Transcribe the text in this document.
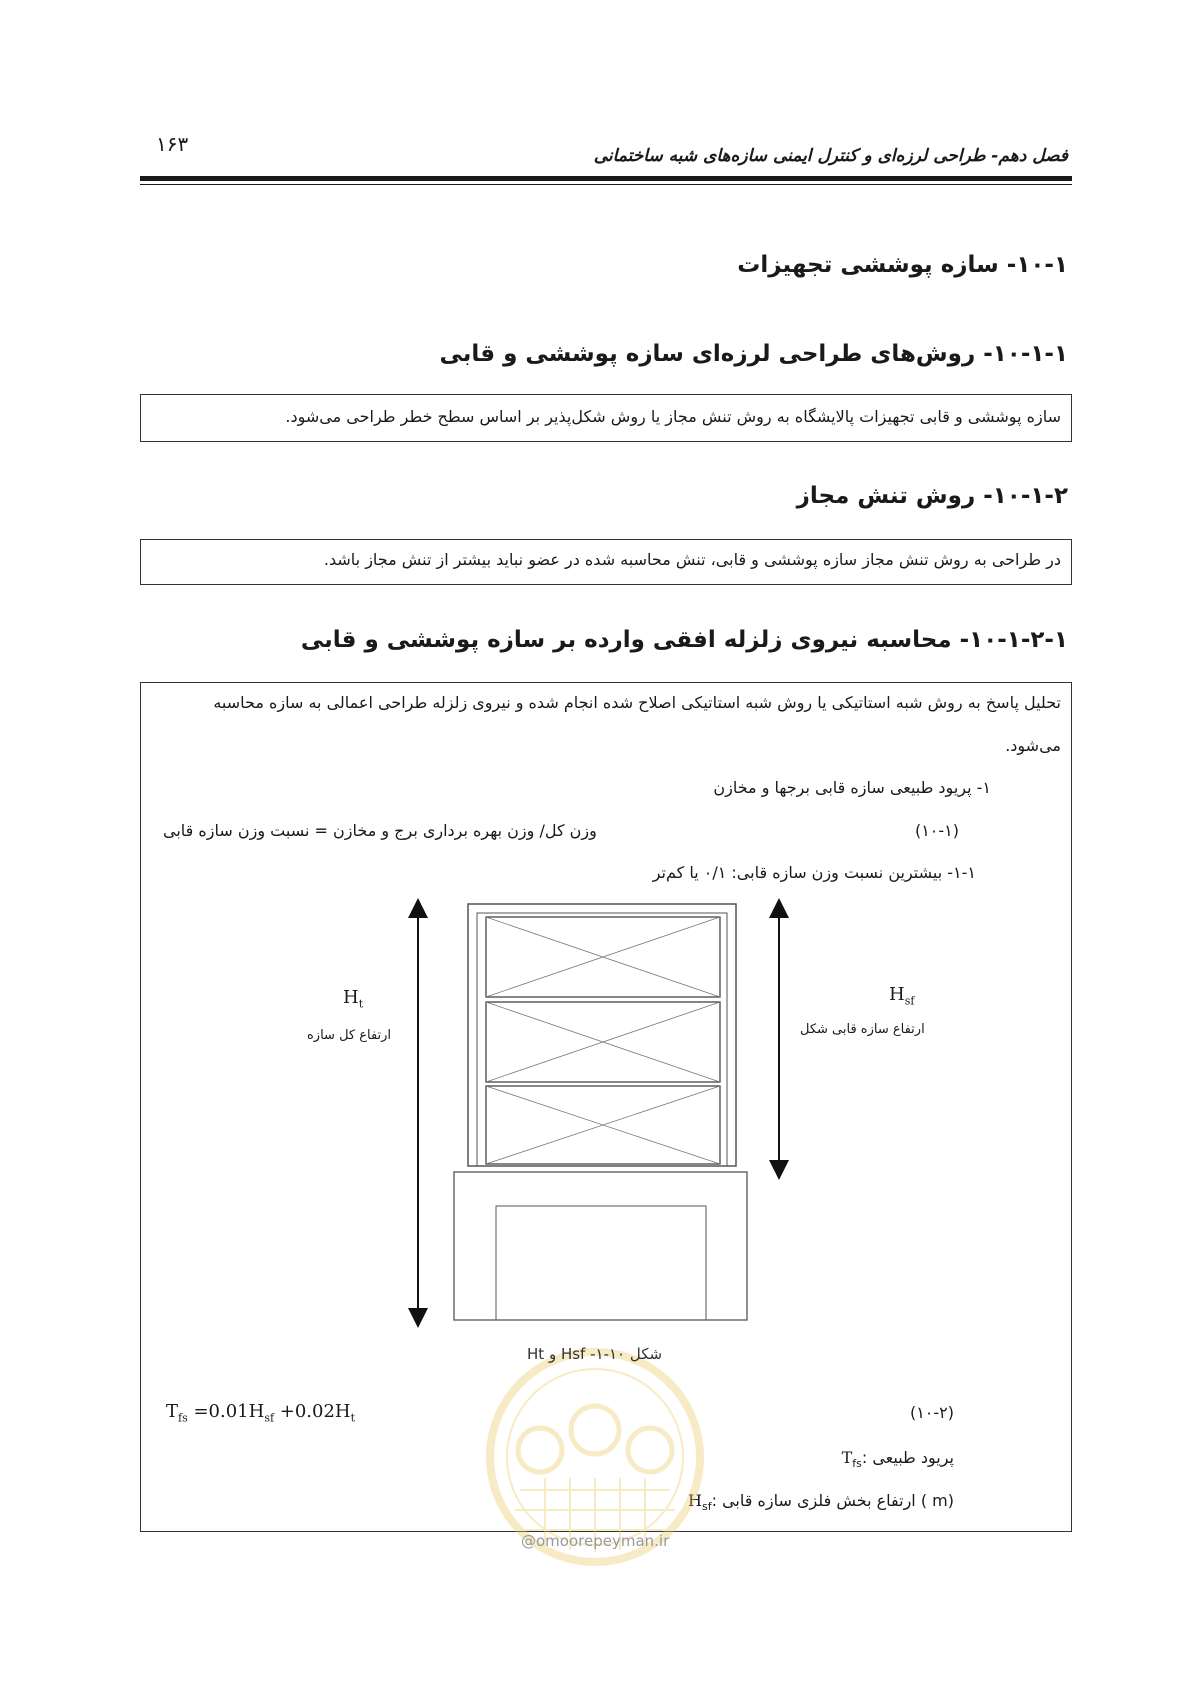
۱۶۳	فصل دهم- طراحی لرزه‌ای و کنترل ایمنی سازه‌های شبه ساختمانی
۱۰-۱- سازه پوششی تجهیزات
۱۰-۱-۱- روش‌های طراحی لرزه‌ای سازه پوششی و قابی
۱۰-۱-۲- روش تنش مجاز
۱۰-۱-۲-۱- محاسبه نیروی زلزله افقی وارده بر سازه پوششی و قابی
سازه پوششی و قابی تجهیزات پالایشگاه به روش تنش مجاز یا روش شکل‌پذیر بر اساس سطح خطر طراحی می‌شود.
در طراحی به روش تنش مجاز سازه پوششی و قابی، تنش محاسبه شده در عضو نباید بیشتر از تنش مجاز باشد.
تحلیل پاسخ به روش شبه استاتیکی یا روش شبه استاتیکی اصلاح شده انجام شده و نیروی زلزله طراحی اعمالی به سازه محاسبه
می‌شود.
۱- پریود طبیعی سازه قابی برجها و مخازن
(۱۰-۱)
وزن کل/ وزن بهره برداری برج و مخازن = نسبت وزن سازه قابی
۱-۱- بیشترین نسبت وزن سازه قابی: ۰/۱ یا کم‌تر
$T_{fs} =0.01H_{sf} +0.02H_t$	(۱۰-۲)
$T_{fs}$: پریود طبیعی
$H_{sf}$: ارتفاع بخش فلزی سازه قابی ( m)
$H_t$
ارتفاع کل سازه
$H_{sf}$
ارتفاع سازه قابی شکل
شکل ۱۰-۱- Hsf و Ht
@omoorepeyman.ir
